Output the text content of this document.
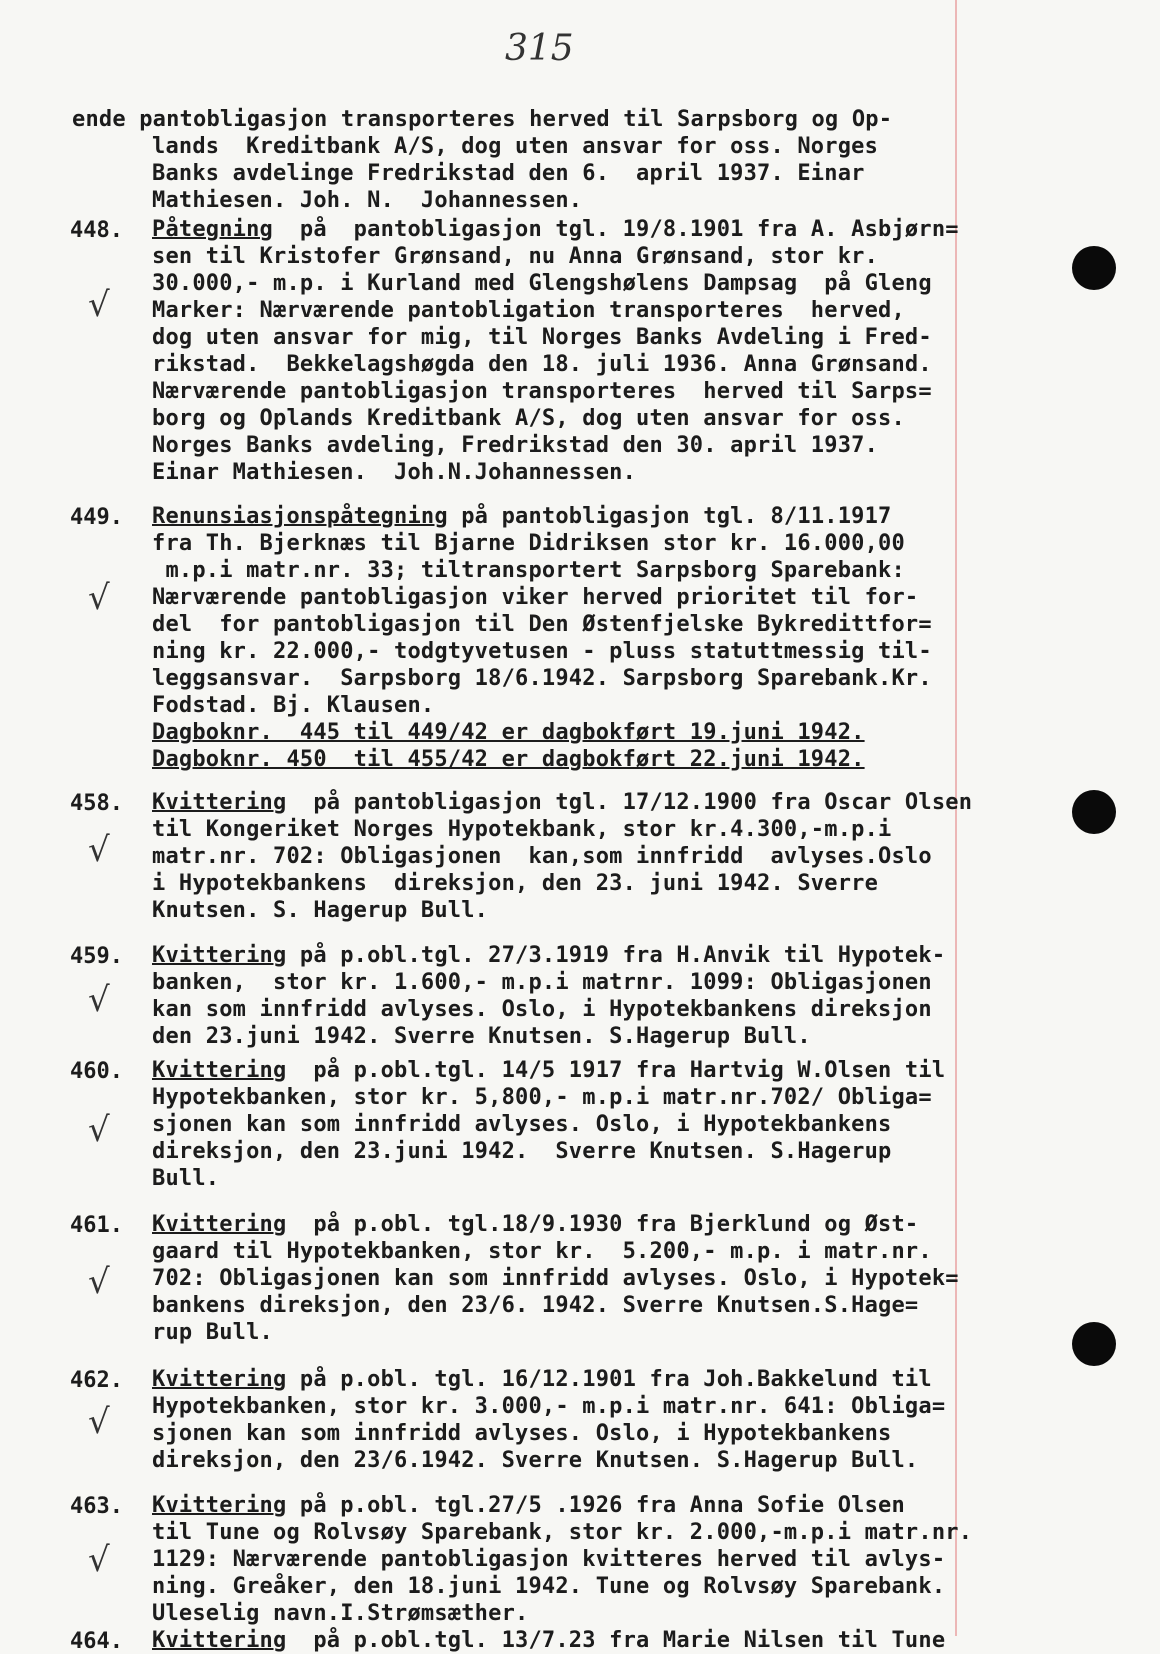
315
ende pantobligasjon transporteres herved til Sarpsborg og Op-
lands  Kreditbank A/S, dog uten ansvar for oss. Norges
Banks avdelinge Fredrikstad den 6.  april 1937. Einar
Mathiesen. Joh. N.  Johannessen.
448. Påtegning  på  pantobligasjon tgl. 19/8.1901 fra A. Asbjørn=
sen til Kristofer Grønsand, nu Anna Grønsand, stor kr.
30.000,- m.p. i Kurland med Glengshølens Dampsag  på Gleng
Marker: Nærværende pantobligation transporteres  herved,
dog uten ansvar for mig, til Norges Banks Avdeling i Fred-
rikstad.  Bekkelagshøgda den 18. juli 1936. Anna Grønsand.
Nærværende pantobligasjon transporteres  herved til Sarps=
borg og Oplands Kreditbank A/S, dog uten ansvar for oss.
Norges Banks avdeling, Fredrikstad den 30. april 1937.
Einar Mathiesen.  Joh.N.Johannessen.
√
449. Renunsiasjonspåtegning på pantobligasjon tgl. 8/11.1917
fra Th. Bjerknæs til Bjarne Didriksen stor kr. 16.000,00
m.p.i matr.nr. 33; tiltransportert Sarpsborg Sparebank:
Nærværende pantobligasjon viker herved prioritet til for-
del  for pantobligasjon til Den Østenfjelske Bykredittfor=
ning kr. 22.000,- todgtyvetusen - pluss statuttmessig til-
leggsansvar.  Sarpsborg 18/6.1942. Sarpsborg Sparebank.Kr.
Fodstad. Bj. Klausen.
Dagboknr.  445 til 449/42 er dagbokført 19.juni 1942.
Dagboknr. 450  til 455/42 er dagbokført 22.juni 1942.
√
458. Kvittering  på pantobligasjon tgl. 17/12.1900 fra Oscar Olsen
til Kongeriket Norges Hypotekbank, stor kr.4.300,-m.p.i
matr.nr. 702: Obligasjonen  kan,som innfridd  avlyses.Oslo
i Hypotekbankens  direksjon, den 23. juni 1942. Sverre
Knutsen. S. Hagerup Bull.
√
459. Kvittering på p.obl.tgl. 27/3.1919 fra H.Anvik til Hypotek-
banken,  stor kr. 1.600,- m.p.i matrnr. 1099: Obligasjonen
kan som innfridd avlyses. Oslo, i Hypotekbankens direksjon
den 23.juni 1942. Sverre Knutsen. S.Hagerup Bull.
√
460. Kvittering  på p.obl.tgl. 14/5 1917 fra Hartvig W.Olsen til
Hypotekbanken, stor kr. 5,800,- m.p.i matr.nr.702/ Obliga=
sjonen kan som innfridd avlyses. Oslo, i Hypotekbankens
direksjon, den 23.juni 1942.  Sverre Knutsen. S.Hagerup
Bull.
√
461. Kvittering  på p.obl. tgl.18/9.1930 fra Bjerklund og Øst-
gaard til Hypotekbanken, stor kr.  5.200,- m.p. i matr.nr.
702: Obligasjonen kan som innfridd avlyses. Oslo, i Hypotek=
bankens direksjon, den 23/6. 1942. Sverre Knutsen.S.Hage=
rup Bull.
√
462. Kvittering på p.obl. tgl. 16/12.1901 fra Joh.Bakkelund til
Hypotekbanken, stor kr. 3.000,- m.p.i matr.nr. 641: Obliga=
sjonen kan som innfridd avlyses. Oslo, i Hypotekbankens
direksjon, den 23/6.1942. Sverre Knutsen. S.Hagerup Bull.
√
463. Kvittering på p.obl. tgl.27/5 .1926 fra Anna Sofie Olsen
til Tune og Rolvsøy Sparebank, stor kr. 2.000,-m.p.i matr.nr.
1129: Nærværende pantobligasjon kvitteres herved til avlys-
ning. Greåker, den 18.juni 1942. Tune og Rolvsøy Sparebank.
Uleselig navn.I.Strømsæther.
√
464. Kvittering  på p.obl.tgl. 13/7.23 fra Marie Nilsen til Tune
